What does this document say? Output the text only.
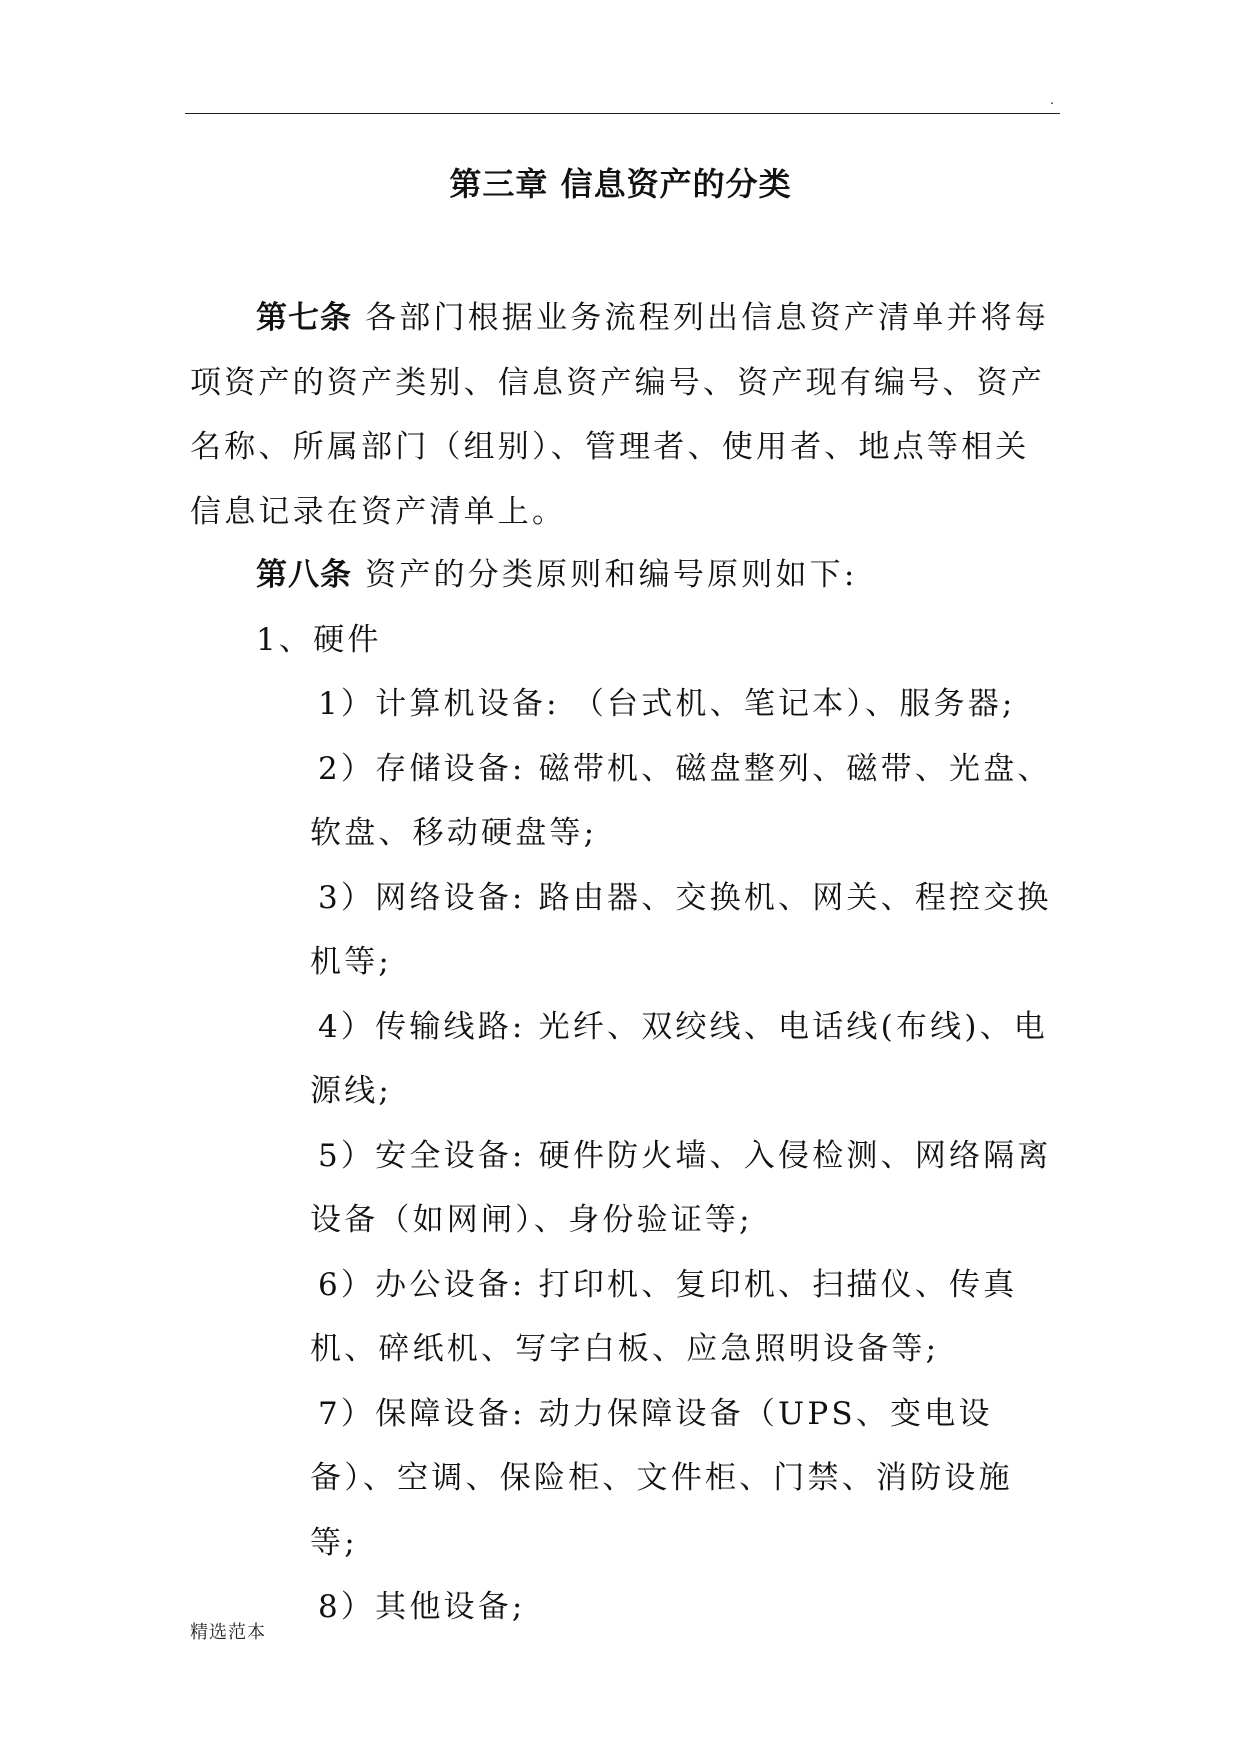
.
第三章 信息资产的分类

第七条 各部门根据业务流程列出信息资产清单并将每项资产的资产类别、信息资产编号、资产现有编号、资产名称、所属部门（组别）、管理者、使用者、地点等相关信息记录在资产清单上。

第八条 资产的分类原则和编号原则如下:

1、硬件

1）计算机设备: （台式机、笔记本）、服务器;
2）存储设备: 磁带机、磁盘整列、磁带、光盘、软盘、移动硬盘等;
3）网络设备: 路由器、交换机、网关、程控交换机等;
4）传输线路: 光纤、双绞线、电话线(布线)、电源线;
5）安全设备: 硬件防火墙、入侵检测、网络隔离设备（如网闸）、身份验证等;
6）办公设备: 打印机、复印机、扫描仪、传真机、碎纸机、写字白板、应急照明设备等;
7）保障设备: 动力保障设备（UPS、变电设备）、空调、保险柜、文件柜、门禁、消防设施等;
8）其他设备;
精选范本
